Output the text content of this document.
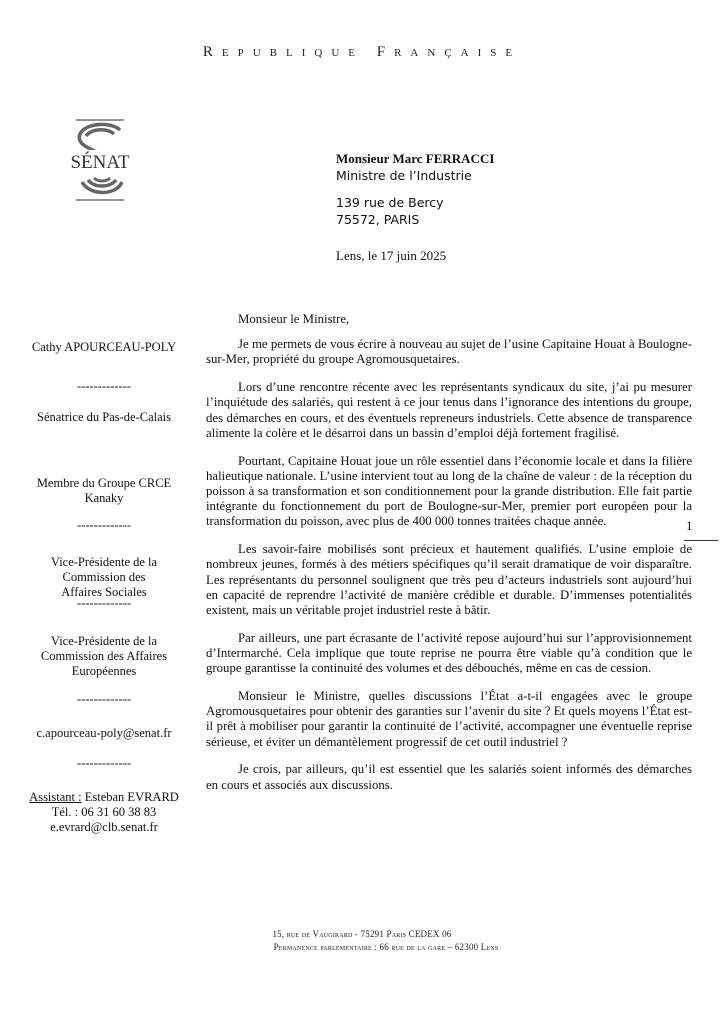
Republique Française
SÉNAT	Monsieur Marc FERRACCI
Ministre de l’Industrie
139 rue de Bercy
75572, PARIS
Lens, le 17 juin 2025
Cathy APOURCEAU-POLY
-------------
Sénatrice du Pas-de-Calais
Membre du Groupe CRCE
Kanaky
-------------
Vice-Présidente de la
Commission des
Affaires Sociales
-------------
Vice-Présidente de la
Commission des Affaires
Européennes
-------------
c.apourceau-poly@senat.fr
-------------
Assistant : Esteban EVRARD
Tél. : 06 31 60 38 83
e.evrard@clb.senat.fr

Monsieur le Ministre,

Je me permets de vous écrire à nouveau au sujet de l’usine Capitaine Houat à Boulogne-sur-Mer, propriété du groupe Agromousquetaires.

Lors d’une rencontre récente avec les représentants syndicaux du site, j’ai pu mesurer l’inquiétude des salariés, qui restent à ce jour tenus dans l’ignorance des intentions du groupe, des démarches en cours, et des éventuels repreneurs industriels. Cette absence de transparence alimente la colère et le désarroi dans un bassin d’emploi déjà fortement fragilisé.

Pourtant, Capitaine Houat joue un rôle essentiel dans l’économie locale et dans la filière halieutique nationale. L’usine intervient tout au long de la chaîne de valeur : de la réception du poisson à sa transformation et son conditionnement pour la grande distribution. Elle fait partie intégrante du fonctionnement du port de Boulogne-sur-Mer, premier port européen pour la transformation du poisson, avec plus de 400 000 tonnes traitées chaque année.

Les savoir-faire mobilisés sont précieux et hautement qualifiés. L’usine emploie de nombreux jeunes, formés à des métiers spécifiques qu’il serait dramatique de voir disparaître. Les représentants du personnel soulignent que très peu d’acteurs industriels sont aujourd’hui en capacité de reprendre l’activité de manière crédible et durable. D’immenses potentialités existent, mais un véritable projet industriel reste à bâtir.

Par ailleurs, une part écrasante de l’activité repose aujourd’hui sur l’approvisionnement d’Intermarché. Cela implique que toute reprise ne pourra être viable qu’à condition que le groupe garantisse la continuité des volumes et des débouchés, même en cas de cession.

Monsieur le Ministre, quelles discussions l’État a-t-il engagées avec le groupe Agromousquetaires pour obtenir des garanties sur l’avenir du site ? Et quels moyens l’État est-il prêt à mobiliser pour garantir la continuité de l’activité, accompagner une éventuelle reprise sérieuse, et éviter un démantèlement progressif de cet outil industriel ?

Je crois, par ailleurs, qu’il est essentiel que les salariés soient informés des démarches en cours et associés aux discussions.

1
15, rue de Vaugirard - 75291 Paris CEDEX 06
Permanence parlementaire : 66 rue de la gare – 62300 Lens
